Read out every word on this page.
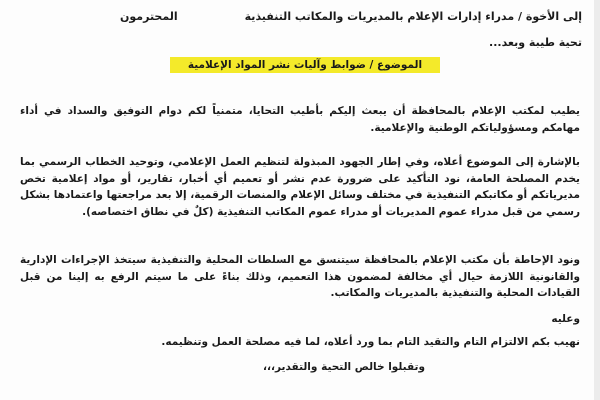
إلى الأخوة / مدراء إدارات الإعلام بالمديريات والمكاتب التنفيذية
المحترمون
تحية طيبة وبعد...
الموضوع / ضوابط وآليات نشر المواد الإعلامية
يطيب لمكتب الإعلام بالمحافظة أن يبعث إليكم بأطيب التحايا، متمنياً لكم دوام التوفيق والسداد في أداء مهامكم ومسؤولياتكم الوطنية والإعلامية.
بالإشارة إلى الموضوع أعلاه، وفي إطار الجهود المبذولة لتنظيم العمل الإعلامي، وتوحيد الخطاب الرسمي بما يخدم المصلحة العامة، نود التأكيد على ضرورة عدم نشر أو تعميم أي أخبار، تقارير، أو مواد إعلامية تخص مديرياتكم أو مكاتبكم التنفيذية في مختلف وسائل الإعلام والمنصات الرقمية، إلا بعد مراجعتها واعتمادها بشكل رسمي من قبل مدراء عموم المديريات أو مدراء عموم المكاتب التنفيذية (كلٌ في نطاق اختصاصه).
ونود الإحاطة بأن مكتب الإعلام بالمحافظة سيتنسق مع السلطات المحلية والتنفيذية سيتخذ الإجراءات الإدارية والقانونية اللازمة حيال أي مخالفة لمضمون هذا التعميم، وذلك بناءً على ما سيتم الرفع به إلينا من قبل القيادات المحلية والتنفيذية بالمديريات والمكاتب.
وعليه
نهيب بكم الالتزام التام والتقيد التام بما ورد أعلاه، لما فيه مصلحة العمل وتنظيمه.
وتقبلوا خالص التحية والتقدير،،،
